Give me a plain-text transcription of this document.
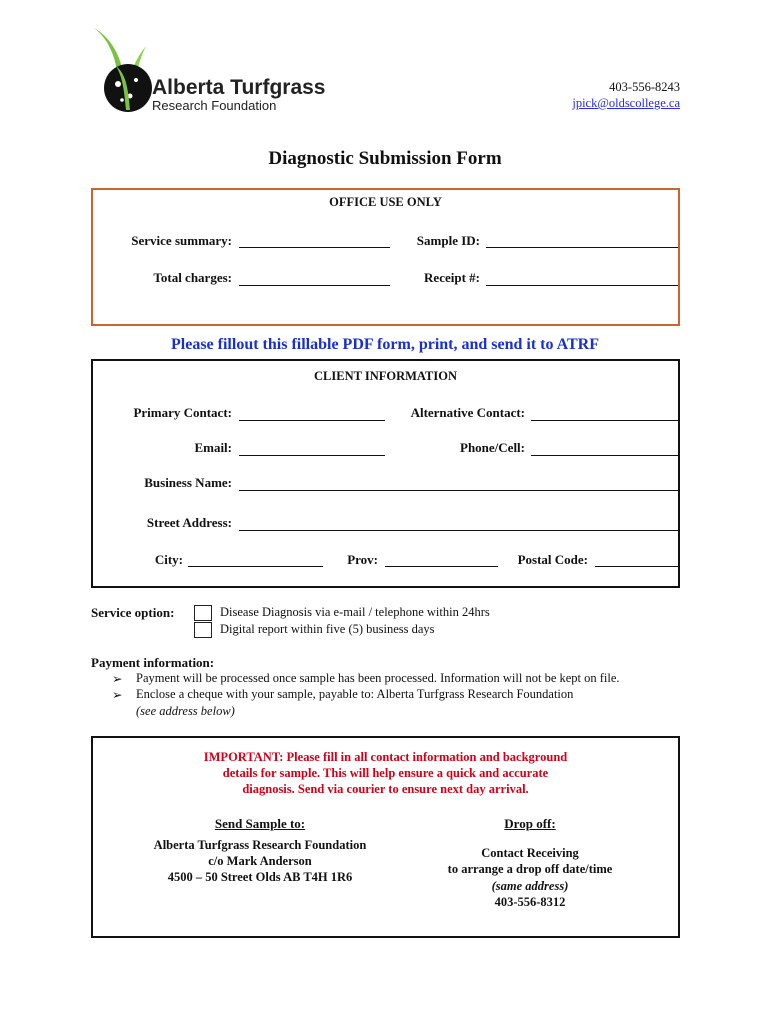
Alberta Turfgrass
Research Foundation
403-556-8243
jpick@oldscollege.ca
Diagnostic Submission Form
OFFICE USE ONLY
Service summary:	Sample ID:
Total charges:	Receipt #:
Please fillout this fillable PDF form, print, and send it to ATRF
CLIENT INFORMATION
Primary Contact:	Alternative Contact:
Email:	Phone/Cell:
Business Name:
Street Address:
City:	Prov:	Postal Code:
Service option:	Disease Diagnosis via e-mail / telephone within 24hrs
Digital report within five (5) business days
Payment information:
➢ Payment will be processed once sample has been processed. Information will not be kept on file.
➢ Enclose a cheque with your sample, payable to: Alberta Turfgrass Research Foundation
(see address below)
IMPORTANT: Please fill in all contact information and background
details for sample. This will help ensure a quick and accurate
diagnosis. Send via courier to ensure next day arrival.
Send Sample to:
Alberta Turfgrass Research Foundation
c/o Mark Anderson
4500 – 50 Street Olds AB T4H 1R6
Drop off:
Contact Receiving
to arrange a drop off date/time
(same address)
403-556-8312
